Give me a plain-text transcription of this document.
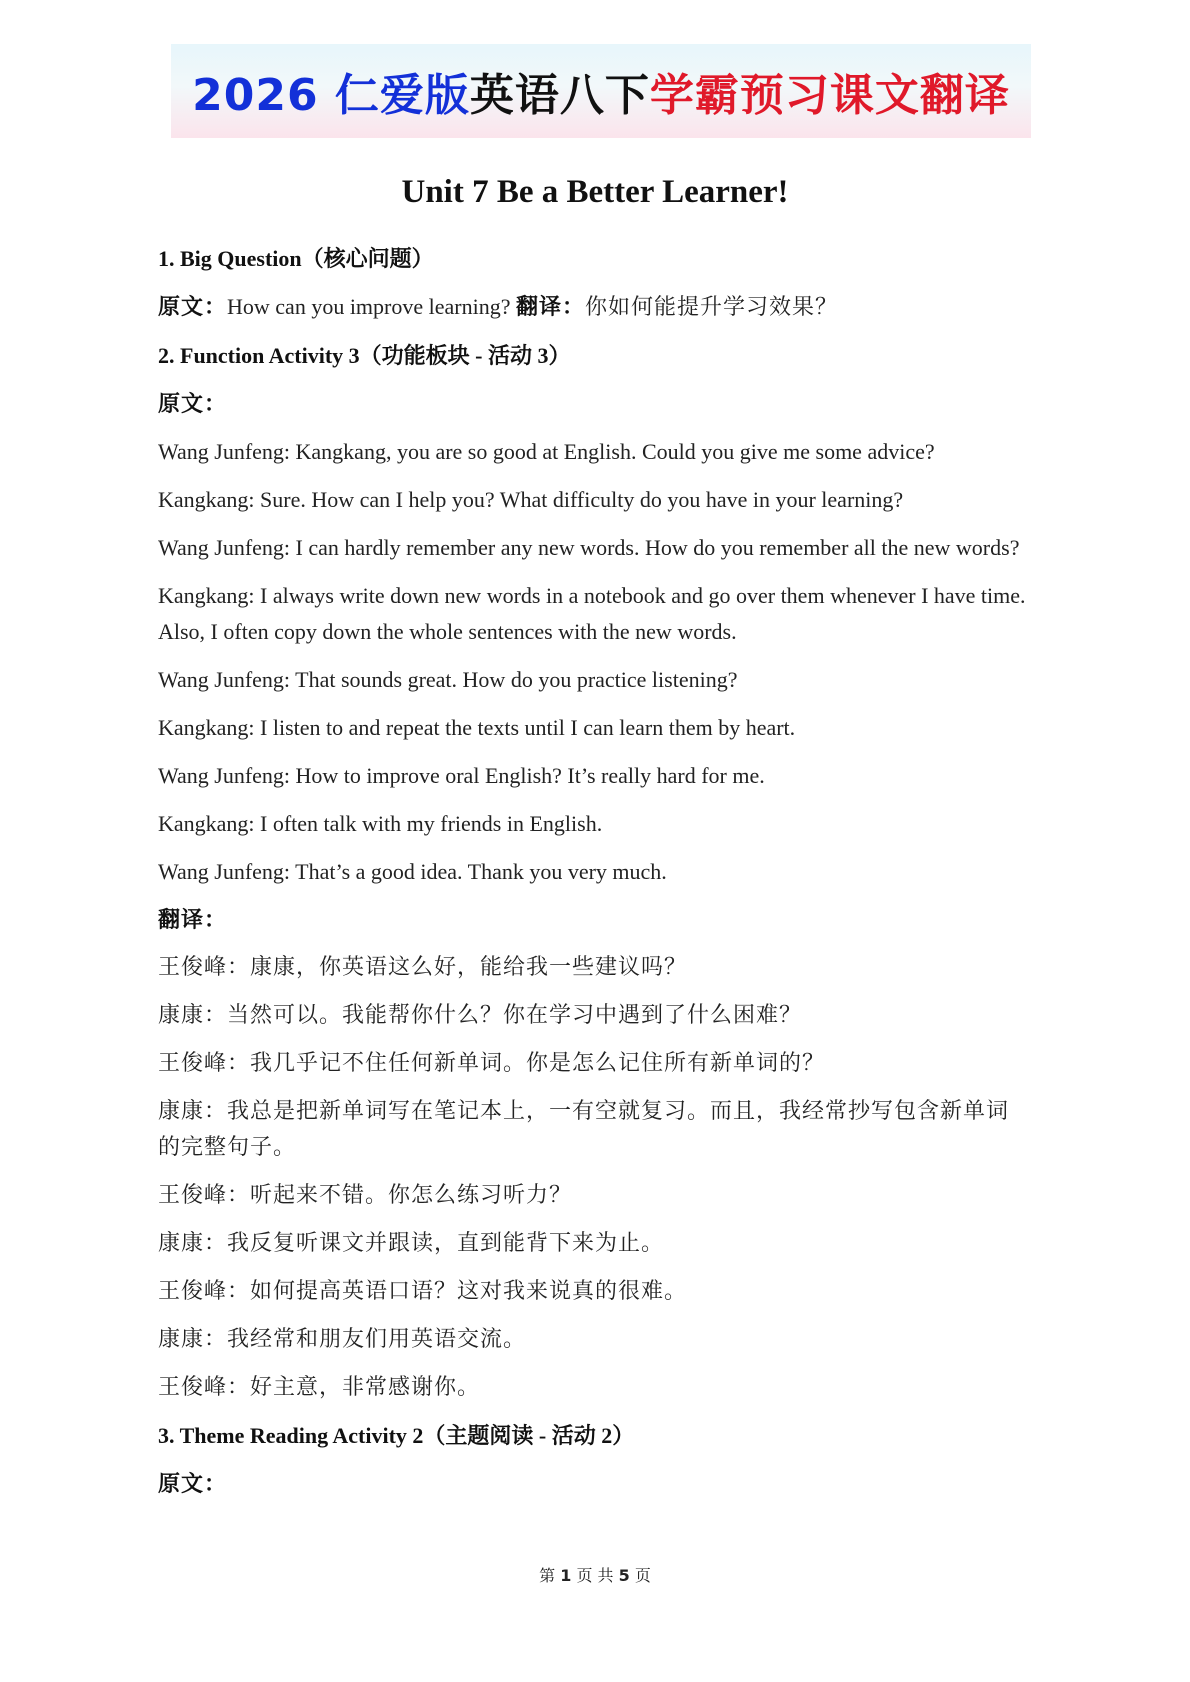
2026 仁爱版 英语八下 学霸预习课文翻译
Unit 7 Be a Better Learner!

1. Big Question（核心问题）

原文：How can you improve learning? 翻译：你如何能提升学习效果？

2. Function Activity 3（功能板块 - 活动 3）

原文：

Wang Junfeng: Kangkang, you are so good at English. Could you give me some advice?

Kangkang: Sure. How can I help you? What difficulty do you have in your learning?

Wang Junfeng: I can hardly remember any new words. How do you remember all the new words?

Kangkang: I always write down new words in a notebook and go over them whenever I have time. Also, I often copy down the whole sentences with the new words.

Wang Junfeng: That sounds great. How do you practice listening?

Kangkang: I listen to and repeat the texts until I can learn them by heart.

Wang Junfeng: How to improve oral English? It’s really hard for me.

Kangkang: I often talk with my friends in English.

Wang Junfeng: That’s a good idea. Thank you very much.

翻译：

王俊峰：康康，你英语这么好，能给我一些建议吗？

康康：当然可以。我能帮你什么？你在学习中遇到了什么困难？

王俊峰：我几乎记不住任何新单词。你是怎么记住所有新单词的？

康康：我总是把新单词写在笔记本上，一有空就复习。而且，我经常抄写包含新单词的完整句子。

王俊峰：听起来不错。你怎么练习听力？

康康：我反复听课文并跟读，直到能背下来为止。

王俊峰：如何提高英语口语？这对我来说真的很难。

康康：我经常和朋友们用英语交流。

王俊峰：好主意，非常感谢你。

3. Theme Reading Activity 2（主题阅读 - 活动 2）

原文：

第 1 页 共 5 页
